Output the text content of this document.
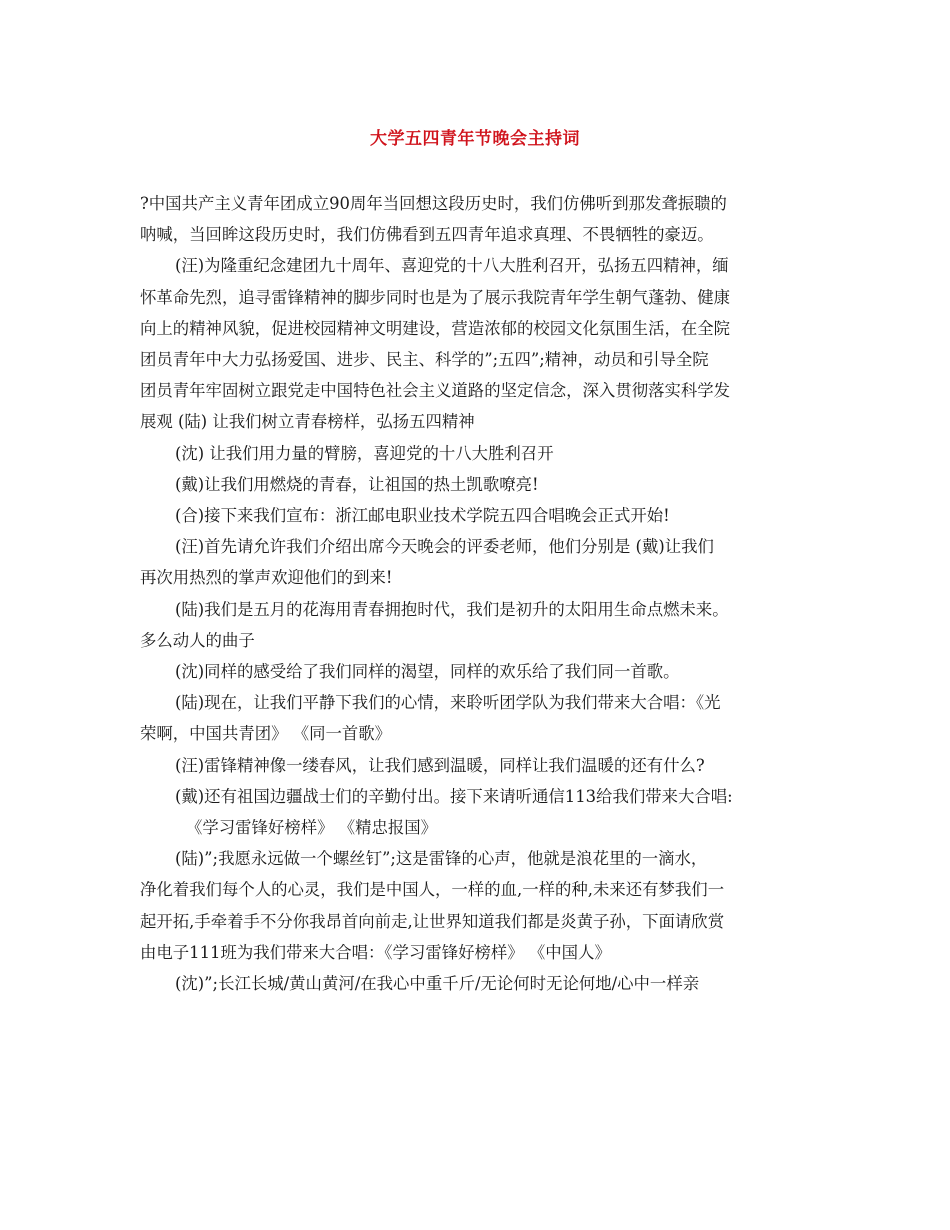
大学五四青年节晚会主持词
?中国共产主义青年团成立90周年当回想这段历史时，我们仿佛听到那发聋振聩的
呐喊，当回眸这段历史时，我们仿佛看到五四青年追求真理、不畏牺牲的豪迈。
(汪)为隆重纪念建团九十周年、喜迎党的十八大胜利召开，弘扬五四精神，缅
怀革命先烈，追寻雷锋精神的脚步同时也是为了展示我院青年学生朝气蓬勃、健康
向上的精神风貌，促进校园精神文明建设，营造浓郁的校园文化氛围生活，在全院
团员青年中大力弘扬爱国、进步、民主、科学的”;五四”;精神，动员和引导全院
团员青年牢固树立跟党走中国特色社会主义道路的坚定信念，深入贯彻落实科学发
展观 (陆) 让我们树立青春榜样，弘扬五四精神
(沈) 让我们用力量的臂膀，喜迎党的十八大胜利召开
(戴)让我们用燃烧的青春，让祖国的热土凯歌嘹亮!
(合)接下来我们宣布：浙江邮电职业技术学院五四合唱晚会正式开始!
(汪)首先请允许我们介绍出席今天晚会的评委老师，他们分别是 (戴)让我们
再次用热烈的掌声欢迎他们的到来!
(陆)我们是五月的花海用青春拥抱时代，我们是初升的太阳用生命点燃未来。
多么动人的曲子
(沈)同样的感受给了我们同样的渴望，同样的欢乐给了我们同一首歌。
(陆)现在，让我们平静下我们的心情，来聆听团学队为我们带来大合唱：《光
荣啊，中国共青团》 《同一首歌》
(汪)雷锋精神像一缕春风，让我们感到温暖，同样让我们温暖的还有什么?
(戴)还有祖国边疆战士们的辛勤付出。接下来请听通信113给我们带来大合唱:
《学习雷锋好榜样》 《精忠报国》
(陆)”;我愿永远做一个螺丝钉”;这是雷锋的心声，他就是浪花里的一滴水，
净化着我们每个人的心灵，我们是中国人，一样的血,一样的种,未来还有梦我们一
起开拓,手牵着手不分你我昂首向前走,让世界知道我们都是炎黄子孙，下面请欣赏
由电子111班为我们带来大合唱：《学习雷锋好榜样》 《中国人》
(沈)”;长江长城/黄山黄河/在我心中重千斤/无论何时无论何地/心中一样亲
